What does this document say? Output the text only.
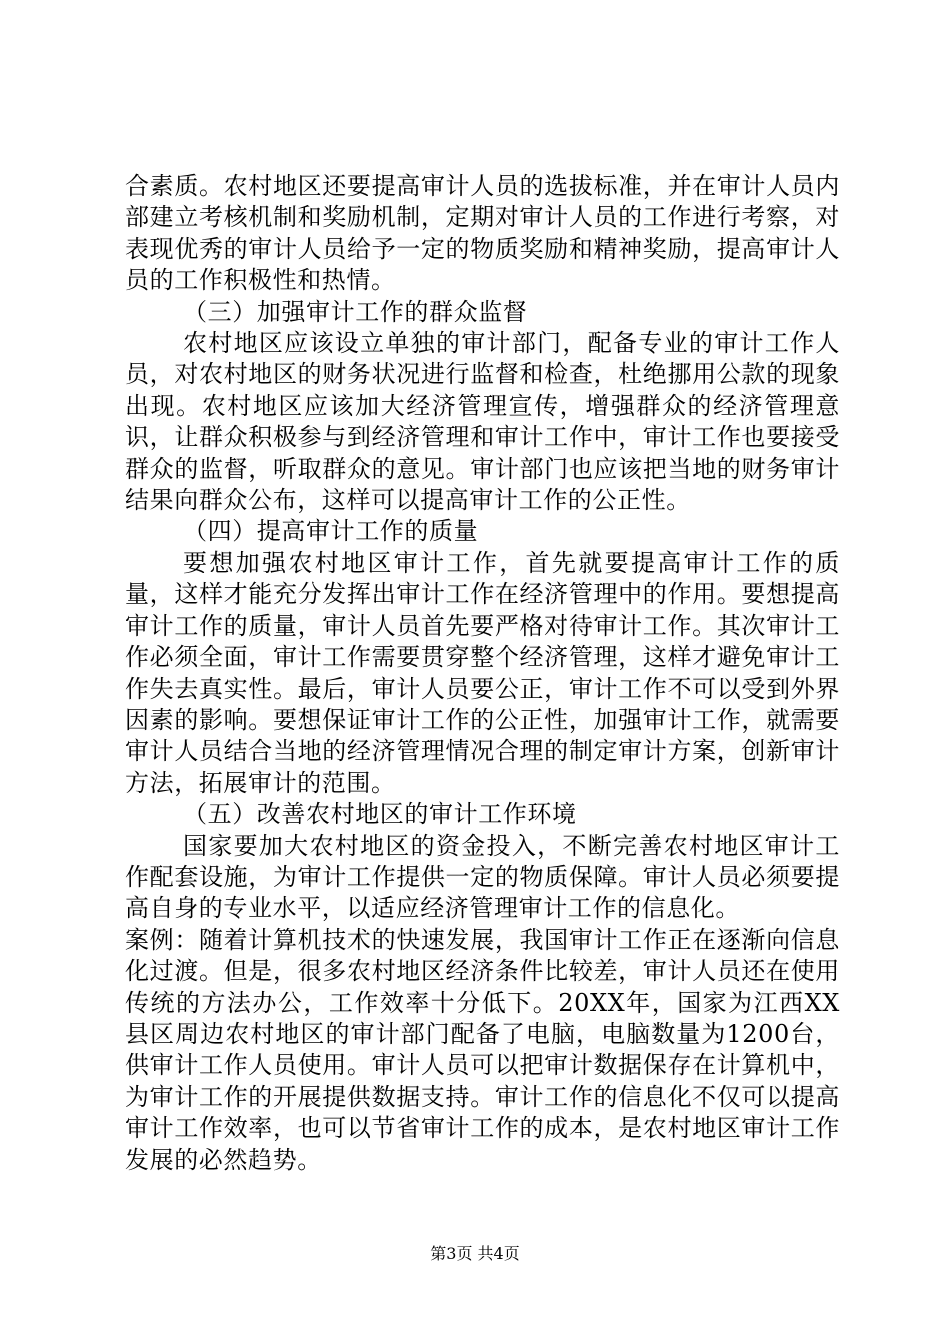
合素质。农村地区还要提高审计人员的选拔标准，并在审计人员内部建立考核机制和奖励机制，定期对审计人员的工作进行考察，对表现优秀的审计人员给予一定的物质奖励和精神奖励，提高审计人员的工作积极性和热情。

（三）加强审计工作的群众监督

农村地区应该设立单独的审计部门，配备专业的审计工作人员，对农村地区的财务状况进行监督和检查，杜绝挪用公款的现象出现。农村地区应该加大经济管理宣传，增强群众的经济管理意识，让群众积极参与到经济管理和审计工作中，审计工作也要接受群众的监督，听取群众的意见。审计部门也应该把当地的财务审计结果向群众公布，这样可以提高审计工作的公正性。

（四）提高审计工作的质量

要想加强农村地区审计工作，首先就要提高审计工作的质量，这样才能充分发挥出审计工作在经济管理中的作用。要想提高审计工作的质量，审计人员首先要严格对待审计工作。其次审计工作必须全面，审计工作需要贯穿整个经济管理，这样才避免审计工作失去真实性。最后，审计人员要公正，审计工作不可以受到外界因素的影响。要想保证审计工作的公正性，加强审计工作，就需要审计人员结合当地的经济管理情况合理的制定审计方案，创新审计方法，拓展审计的范围。

（五）改善农村地区的审计工作环境

国家要加大农村地区的资金投入，不断完善农村地区审计工作配套设施，为审计工作提供一定的物质保障。审计人员必须要提高自身的专业水平，以适应经济管理审计工作的信息化。

案例：随着计算机技术的快速发展，我国审计工作正在逐渐向信息化过渡。但是，很多农村地区经济条件比较差，审计人员还在使用传统的方法办公，工作效率十分低下。20XX年，国家为江西XX县区周边农村地区的审计部门配备了电脑，电脑数量为1200台，供审计工作人员使用。审计人员可以把审计数据保存在计算机中，为审计工作的开展提供数据支持。审计工作的信息化不仅可以提高审计工作效率，也可以节省审计工作的成本，是农村地区审计工作发展的必然趋势。

第3页 共4页
